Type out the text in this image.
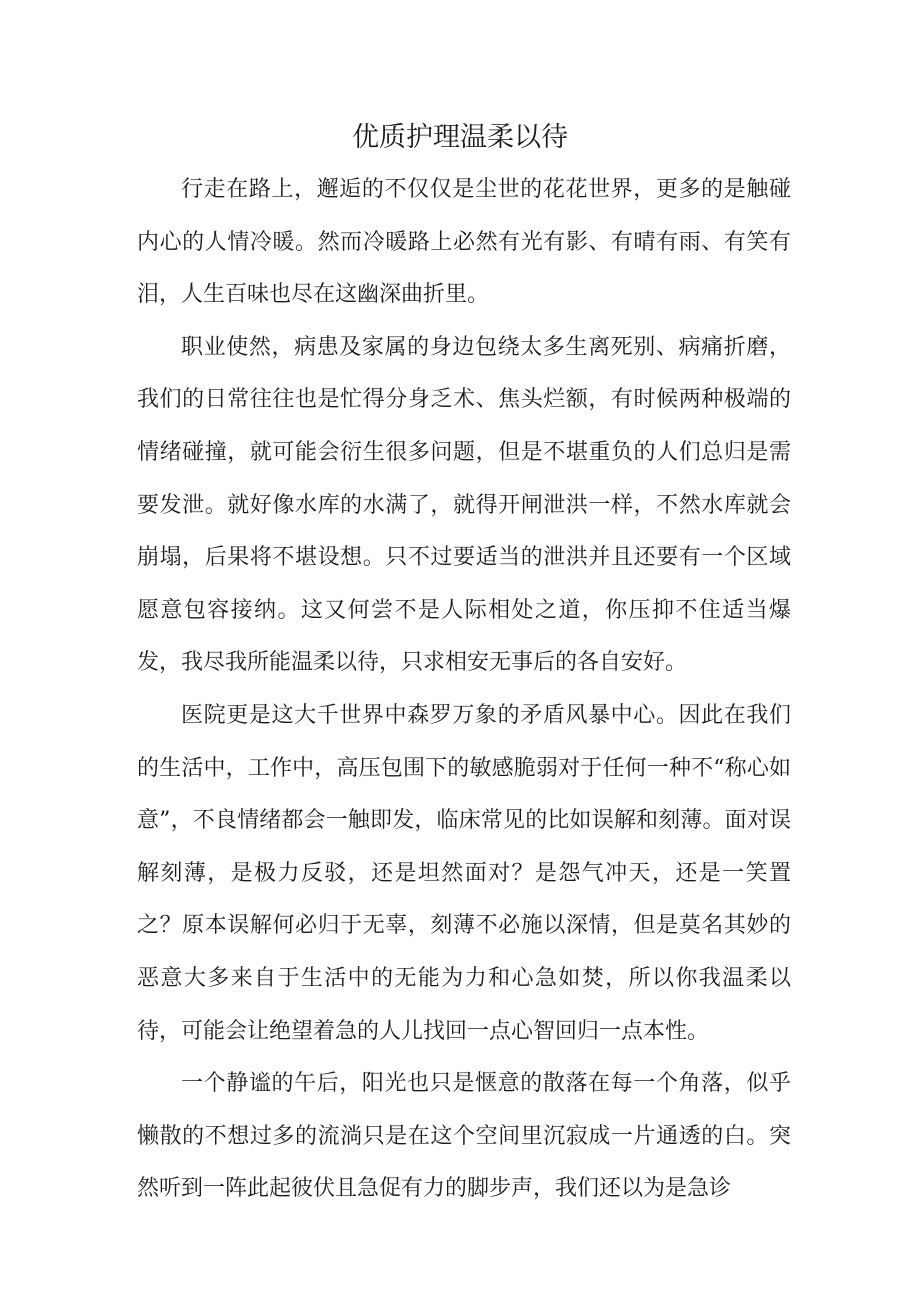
优质护理温柔以待

行走在路上，邂逅的不仅仅是尘世的花花世界，更多的是触碰内心的人情冷暖。然而冷暖路上必然有光有影、有晴有雨、有笑有泪，人生百味也尽在这幽深曲折里。

职业使然，病患及家属的身边包绕太多生离死别、病痛折磨，我们的日常往往也是忙得分身乏术、焦头烂额，有时候两种极端的情绪碰撞，就可能会衍生很多问题，但是不堪重负的人们总归是需要发泄。就好像水库的水满了，就得开闸泄洪一样，不然水库就会崩塌，后果将不堪设想。只不过要适当的泄洪并且还要有一个区域愿意包容接纳。这又何尝不是人际相处之道，你压抑不住适当爆发，我尽我所能温柔以待，只求相安无事后的各自安好。

医院更是这大千世界中森罗万象的矛盾风暴中心。因此在我们的生活中，工作中，高压包围下的敏感脆弱对于任何一种不“称心如意”，不良情绪都会一触即发，临床常见的比如误解和刻薄。面对误解刻薄，是极力反驳，还是坦然面对？是怨气冲天，还是一笑置之？原本误解何必归于无辜，刻薄不必施以深情，但是莫名其妙的恶意大多来自于生活中的无能为力和心急如焚，所以你我温柔以待，可能会让绝望着急的人儿找回一点心智回归一点本性。

一个静谧的午后，阳光也只是惬意的散落在每一个角落，似乎懒散的不想过多的流淌只是在这个空间里沉寂成一片通透的白。突然听到一阵此起彼伏且急促有力的脚步声，我们还以为是急诊
